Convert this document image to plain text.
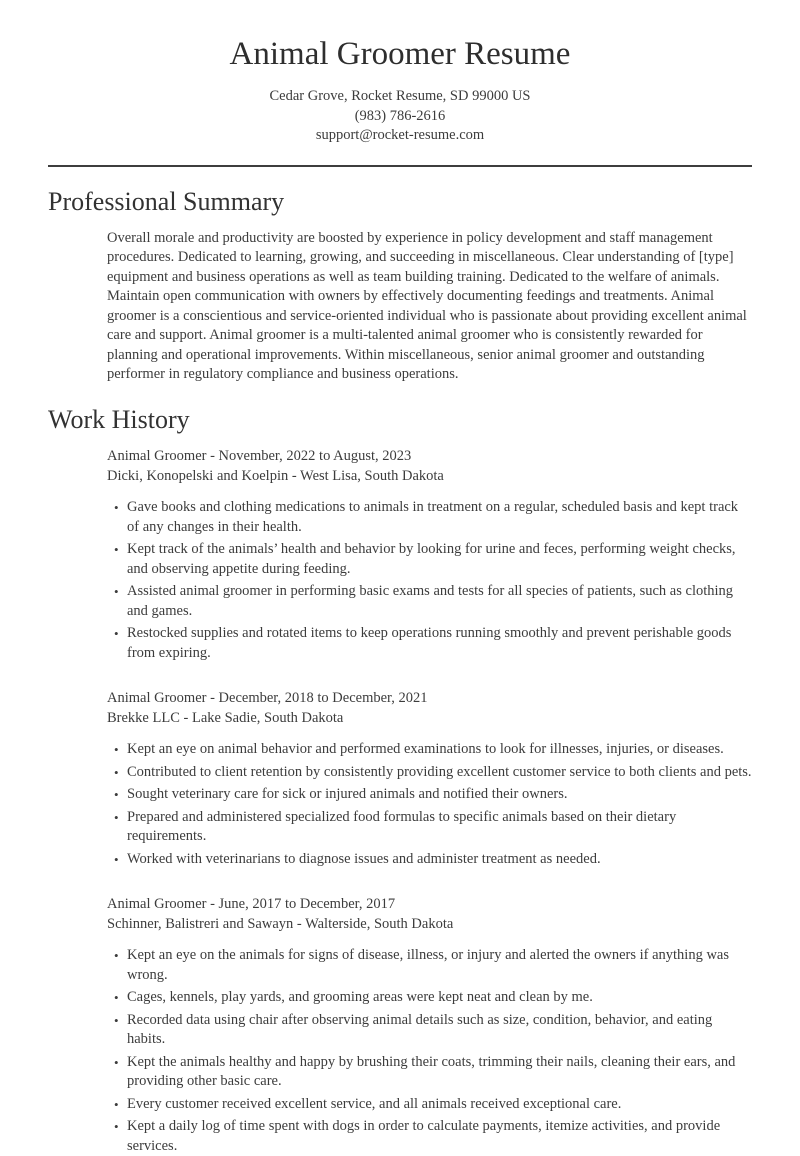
Animal Groomer Resume

Cedar Grove, Rocket Resume, SD 99000 US

(983) 786-2616

support@rocket-resume.com

Professional Summary

Overall morale and productivity are boosted by experience in policy development and staff management procedures. Dedicated to learning, growing, and succeeding in miscellaneous. Clear understanding of [type] equipment and business operations as well as team building training. Dedicated to the welfare of animals. Maintain open communication with owners by effectively documenting feedings and treatments. Animal groomer is a conscientious and service-oriented individual who is passionate about providing excellent animal care and support. Animal groomer is a multi-talented animal groomer who is consistently rewarded for planning and operational improvements. Within miscellaneous, senior animal groomer and outstanding performer in regulatory compliance and business operations.

Work History

Animal Groomer - November, 2022 to August, 2023

Dicki, Konopelski and Koelpin - West Lisa, South Dakota

• Gave books and clothing medications to animals in treatment on a regular, scheduled basis and kept track of any changes in their health.
• Kept track of the animals’ health and behavior by looking for urine and feces, performing weight checks, and observing appetite during feeding.
• Assisted animal groomer in performing basic exams and tests for all species of patients, such as clothing and games.
• Restocked supplies and rotated items to keep operations running smoothly and prevent perishable goods from expiring.

Animal Groomer - December, 2018 to December, 2021

Brekke LLC - Lake Sadie, South Dakota

• Kept an eye on animal behavior and performed examinations to look for illnesses, injuries, or diseases.
• Contributed to client retention by consistently providing excellent customer service to both clients and pets.
• Sought veterinary care for sick or injured animals and notified their owners.
• Prepared and administered specialized food formulas to specific animals based on their dietary requirements.
• Worked with veterinarians to diagnose issues and administer treatment as needed.

Animal Groomer - June, 2017 to December, 2017

Schinner, Balistreri and Sawayn - Walterside, South Dakota

• Kept an eye on the animals for signs of disease, illness, or injury and alerted the owners if anything was wrong.
• Cages, kennels, play yards, and grooming areas were kept neat and clean by me.
• Recorded data using chair after observing animal details such as size, condition, behavior, and eating habits.
• Kept the animals healthy and happy by brushing their coats, trimming their nails, cleaning their ears, and providing other basic care.
• Every customer received excellent service, and all animals received exceptional care.
• Kept a daily log of time spent with dogs in order to calculate payments, itemize activities, and provide services.
